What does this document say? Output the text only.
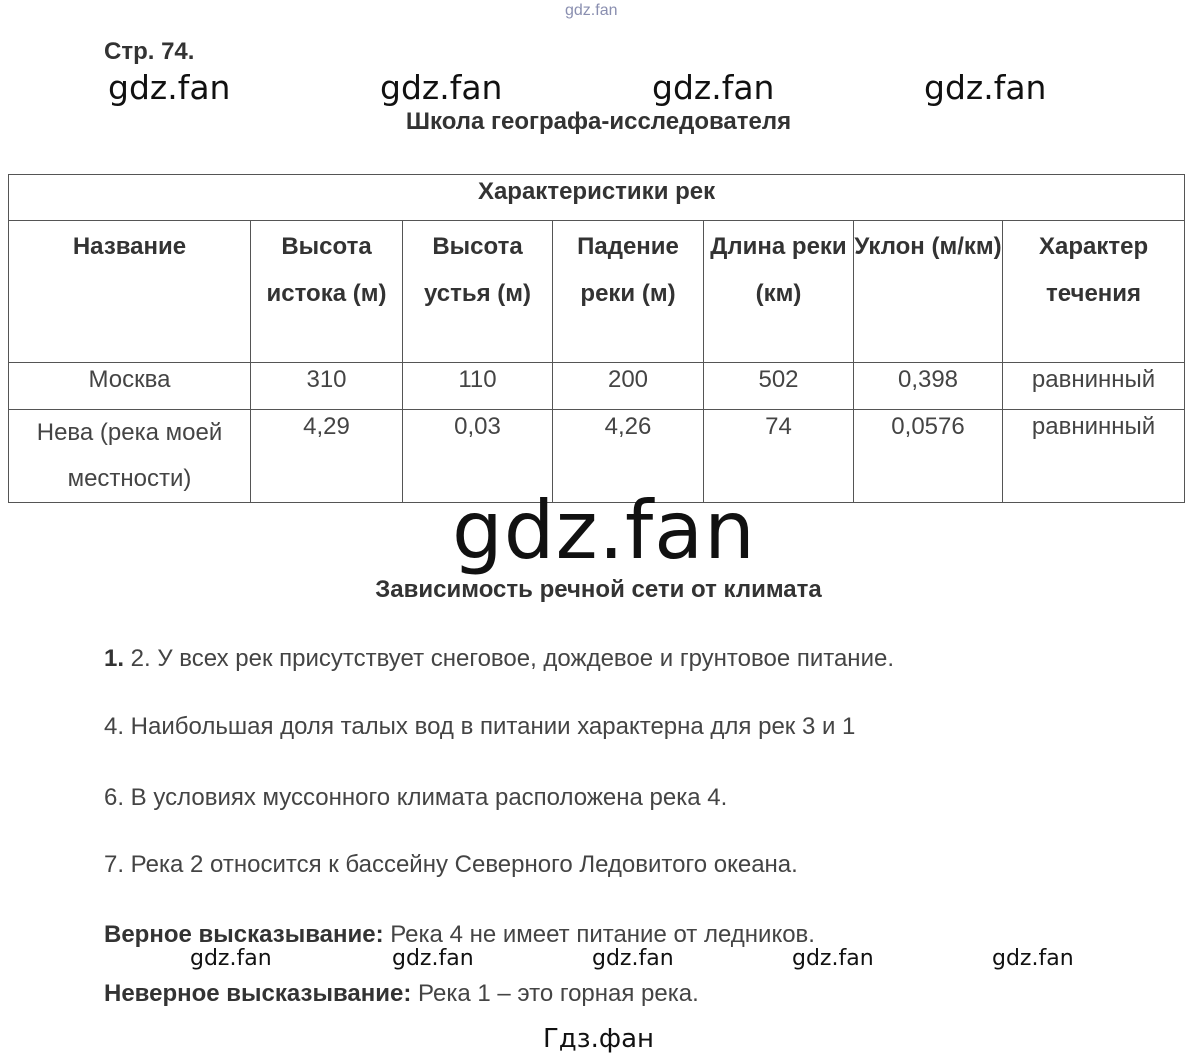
gdz.fan
Стр. 74.
gdz.fan	gdz.fan	gdz.fan	gdz.fan
Школа географа-исследователя
Характеристики рек						
Название	Высота истока (м)	Высота устья (м)	Падение реки (м)	Длина реки (км)	Уклон (м/км)	Характер течения
Москва	310	110	200	502	0,398	равнинный
Нева (река моей местности)	4,29	0,03	4,26	74	0,0576	равнинный
gdz.fan
Зависимость речной сети от климата
1. 2. У всех рек присутствует снеговое, дождевое и грунтовое питание.
4. Наибольшая доля талых вод в питании характерна для рек 3 и 1
6. В условиях муссонного климата расположена река 4.
7. Река 2 относится к бассейну Северного Ледовитого океана.
Верное высказывание: Река 4 не имеет питание от ледников.
gdz.fan	gdz.fan	gdz.fan	gdz.fan	gdz.fan
Неверное высказывание: Река 1 – это горная река.
Гдз.фан
